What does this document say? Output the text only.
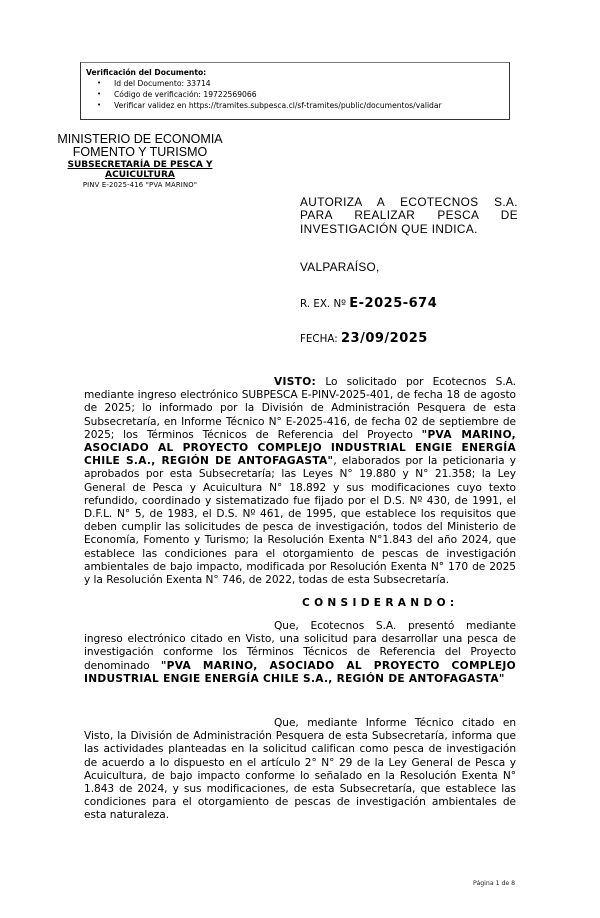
Verificación del Documento:
• Id del Documento: 33714
• Código de verificación: 19722569066
• Verificar validez en https://tramites.subpesca.cl/sf-tramites/public/documentos/validar
MINISTERIO DE ECONOMIA
FOMENTO Y TURISMO
SUBSECRETARÍA DE PESCA Y
ACUICULTURA
PINV E-2025-416 "PVA MARINO"
AUTORIZA A ECOTECNOS S.A. PARA REALIZAR PESCA DE INVESTIGACIÓN QUE INDICA.
VALPARAÍSO,
R. EX. Nº E-2025-674
FECHA: 23/09/2025
VISTO: Lo solicitado por Ecotecnos S.A. mediante ingreso electrónico SUBPESCA E-PINV-2025-401, de fecha 18 de agosto de 2025; lo informado por la División de Administración Pesquera de esta Subsecretaría, en Informe Técnico N° E-2025-416, de fecha 02 de septiembre de 2025; los Términos Técnicos de Referencia del Proyecto "PVA MARINO, ASOCIADO AL PROYECTO COMPLEJO INDUSTRIAL ENGIE ENERGÍA CHILE S.A., REGIÓN DE ANTOFAGASTA", elaborados por la peticionaria y aprobados por esta Subsecretaría; las Leyes N° 19.880 y N° 21.358; la Ley General de Pesca y Acuicultura N° 18.892 y sus modificaciones cuyo texto refundido, coordinado y sistematizado fue fijado por el D.S. Nº 430, de 1991, el D.F.L. N° 5, de 1983, el D.S. Nº 461, de 1995, que establece los requisitos que deben cumplir las solicitudes de pesca de investigación, todos del Ministerio de Economía, Fomento y Turismo; la Resolución Exenta N°1.843 del año 2024, que establece las condiciones para el otorgamiento de pescas de investigación ambientales de bajo impacto, modificada por Resolución Exenta N° 170 de 2025 y la Resolución Exenta N° 746, de 2022, todas de esta Subsecretaría.
CONSIDERANDO:
Que, Ecotecnos S.A. presentó mediante ingreso electrónico citado en Visto, una solicitud para desarrollar una pesca de investigación conforme los Términos Técnicos de Referencia del Proyecto denominado "PVA MARINO, ASOCIADO AL PROYECTO COMPLEJO INDUSTRIAL ENGIE ENERGÍA CHILE S.A., REGIÓN DE ANTOFAGASTA"
Que, mediante Informe Técnico citado en Visto, la División de Administración Pesquera de esta Subsecretaría, informa que las actividades planteadas en la solicitud califican como pesca de investigación de acuerdo a lo dispuesto en el artículo 2° N° 29 de la Ley General de Pesca y Acuicultura, de bajo impacto conforme lo señalado en la Resolución Exenta N° 1.843 de 2024, y sus modificaciones, de esta Subsecretaría, que establece las condiciones para el otorgamiento de pescas de investigación ambientales de esta naturaleza.
Página 1 de 8
